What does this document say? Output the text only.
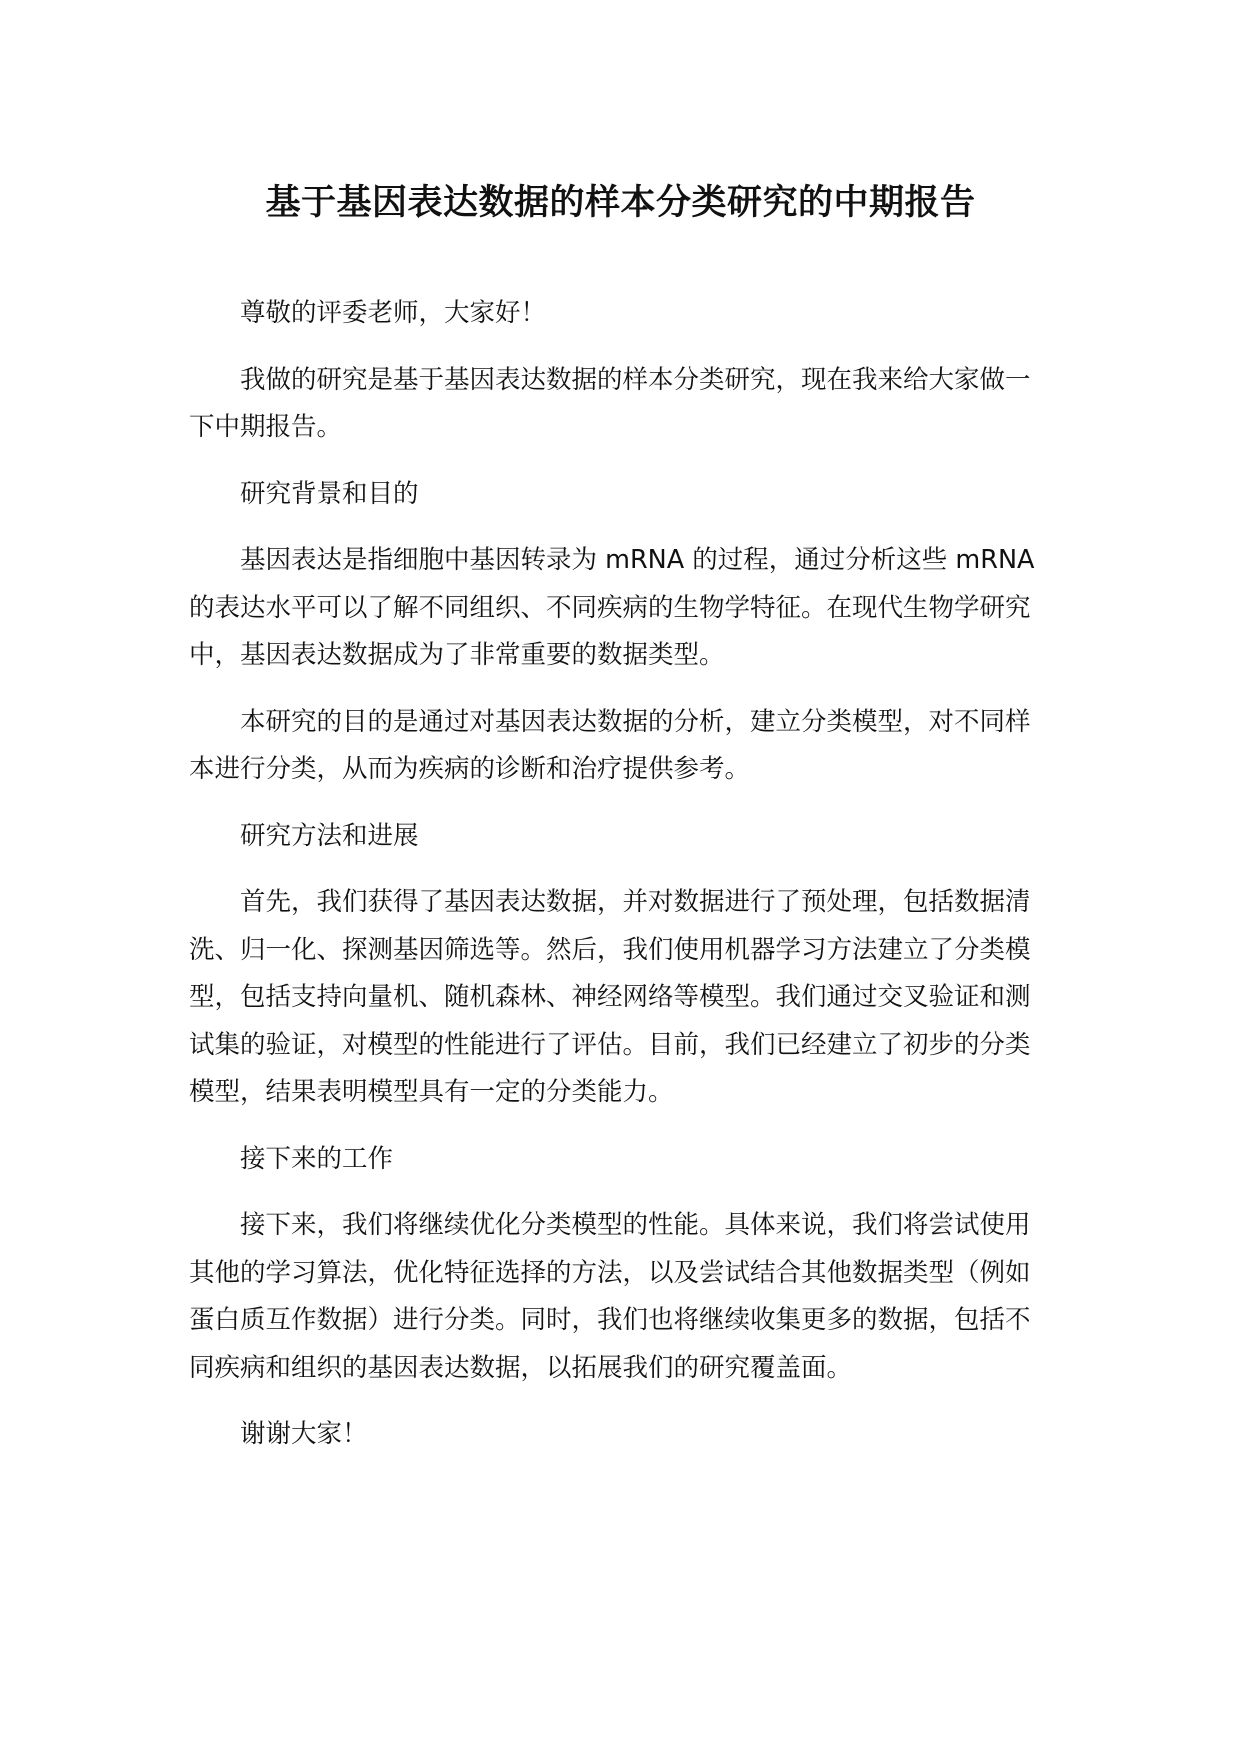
基于基因表达数据的样本分类研究的中期报告

尊敬的评委老师，大家好！

我做的研究是基于基因表达数据的样本分类研究，现在我来给大家做一下中期报告。

研究背景和目的

基因表达是指细胞中基因转录为 mRNA 的过程，通过分析这些 mRNA 的表达水平可以了解不同组织、不同疾病的生物学特征。在现代生物学研究中，基因表达数据成为了非常重要的数据类型。

本研究的目的是通过对基因表达数据的分析，建立分类模型，对不同样本进行分类，从而为疾病的诊断和治疗提供参考。

研究方法和进展

首先，我们获得了基因表达数据，并对数据进行了预处理，包括数据清洗、归一化、探测基因筛选等。然后，我们使用机器学习方法建立了分类模型，包括支持向量机、随机森林、神经网络等模型。我们通过交叉验证和测试集的验证，对模型的性能进行了评估。目前，我们已经建立了初步的分类模型，结果表明模型具有一定的分类能力。

接下来的工作

接下来，我们将继续优化分类模型的性能。具体来说，我们将尝试使用其他的学习算法，优化特征选择的方法，以及尝试结合其他数据类型（例如蛋白质互作数据）进行分类。同时，我们也将继续收集更多的数据，包括不同疾病和组织的基因表达数据，以拓展我们的研究覆盖面。

谢谢大家！
